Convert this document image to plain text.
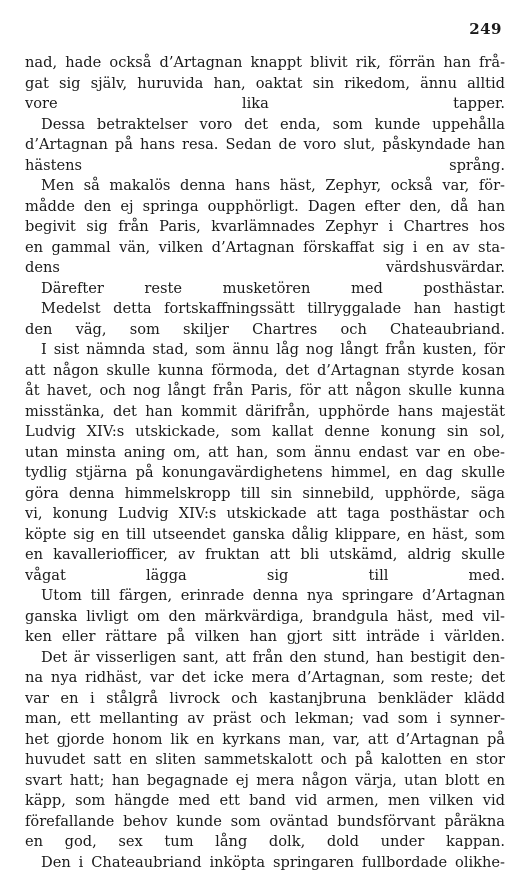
249
nad, hade också d’Artagnan knappt blivit rik, förrän han frå-
gat sig själv, huruvida han, oaktat sin rikedom, ännu alltid
vore lika tapper.
Dessa betraktelser voro det enda, som kunde uppehålla
d’Artagnan på hans resa. Sedan de voro slut, påskyndade han
hästens språng.
Men så makalös denna hans häst, Zephyr, också var, för-
mådde den ej springa oupphörligt. Dagen efter den, då han
begivit sig från Paris, kvarlämnades Zephyr i Chartres hos
en gammal vän, vilken d’Artagnan förskaffat sig i en av sta-
dens värdshusvärdar.
Därefter reste musketören med posthästar.
Medelst detta fortskaffningssätt tillryggalade han hastigt
den väg, som skiljer Chartres och Chateaubriand.
I sist nämnda stad, som ännu låg nog långt från kusten, för
att någon skulle kunna förmoda, det d’Artagnan styrde kosan
åt havet, och nog långt från Paris, för att någon skulle kunna
misstänka, det han kommit därifrån, upphörde hans majestät
Ludvig XIV:s utskickade, som kallat denne konung sin sol,
utan minsta aning om, att han, som ännu endast var en obe-
tydlig stjärna på konungavärdighetens himmel, en dag skulle
göra denna himmelskropp till sin sinnebild, upphörde, säga
vi, konung Ludvig XIV:s utskickade att taga posthästar och
köpte sig en till utseendet ganska dålig klippare, en häst, som
en kavalleriofficer, av fruktan att bli utskämd, aldrig skulle
vågat lägga sig till med.
Utom till färgen, erinrade denna nya springare d’Artagnan
ganska livligt om den märkvärdiga, brandgula häst, med vil-
ken eller rättare på vilken han gjort sitt inträde i världen.
Det är visserligen sant, att från den stund, han bestigit den-
na nya ridhäst, var det icke mera d’Artagnan, som reste; det
var en i stålgrå livrock och kastanjbruna benkläder klädd
man, ett mellanting av präst och lekman; vad som i synner-
het gjorde honom lik en kyrkans man, var, att d’Artagnan på
huvudet satt en sliten sammetskalott och på kalotten en stor
svart hatt; han begagnade ej mera någon värja, utan blott en
käpp, som hängde med ett band vid armen, men vilken vid
förefallande behov kunde som oväntad bundsförvant påräkna
en god, sex tum lång dolk, dold under kappan.
Den i Chateaubriand inköpta springaren fullbordade olikhe-
